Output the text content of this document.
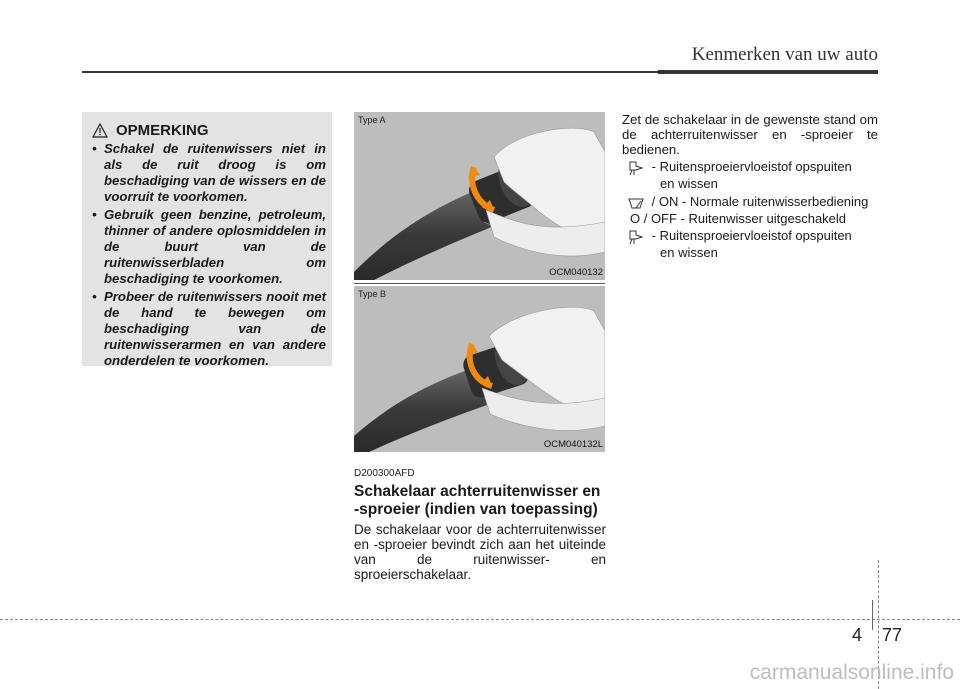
Kenmerken van uw auto
OPMERKING
• Schakel de ruitenwissers niet in als de ruit droog is om beschadiging van de wissers en de voorruit te voorkomen.
• Gebruik geen benzine, petroleum, thinner of andere oplosmiddelen in de buurt van de ruitenwisserbladen om beschadiging te voorkomen.
• Probeer de ruitenwissers nooit met de hand te bewegen om beschadiging van de ruitenwisserarmen en van andere onderdelen te voorkomen.
Type A
OCM040132
Type B
OCM040132L
D200300AFD
Schakelaar achterruitenwisser en -sproeier (indien van toepassing)
De schakelaar voor de achterruitenwisser en -sproeier bevindt zich aan het uiteinde van de ruitenwisser- en sproeierschakelaar.
Zet de schakelaar in de gewenste stand om de achterruitenwisser en -sproeier te bedienen.
- Ruitensproeiervloeistof opspuiten
en wissen
/ ON - Normale ruitenwisserbediening
O / OFF - Ruitenwisser uitgeschakeld
- Ruitensproeiervloeistof opspuiten
en wissen
4 77
carmanualsonline.info
